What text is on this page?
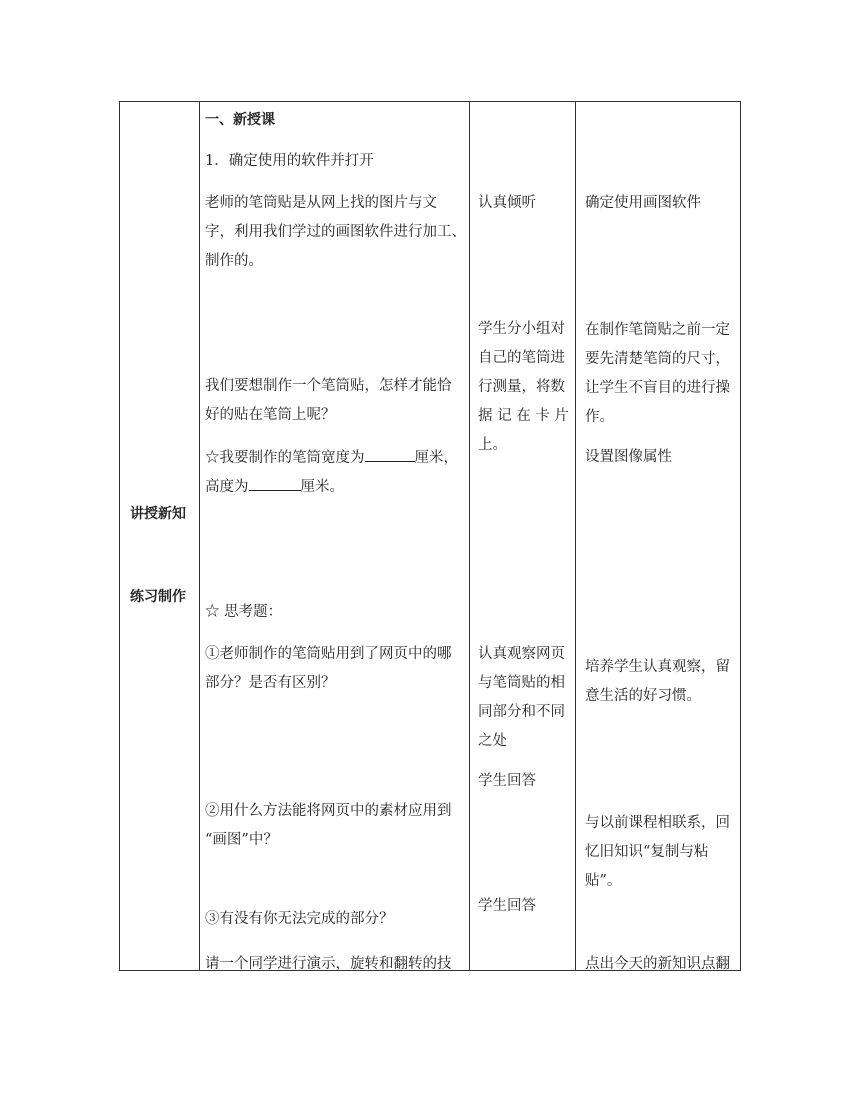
讲授新知
练习制作
一、新授课
1．确定使用的软件并打开
老师的笔筒贴是从网上找的图片与文
字，利用我们学过的画图软件进行加工、
制作的。
我们要想制作一个笔筒贴，怎样才能恰
好的贴在笔筒上呢？
☆我要制作的笔筒宽度为	厘米，
高度为	厘米。
☆ 思考题：
①老师制作的笔筒贴用到了网页中的哪
部分？是否有区别？
②用什么方法能将网页中的素材应用到
“画图”中？
③有没有你无法完成的部分？
请一个同学进行演示，旋转和翻转的技
认真倾听
学生分小组对
自己的笔筒进
行测量，将数
据 记 在 卡 片
上。
认真观察网页
与笔筒贴的相
同部分和不同
之处
学生回答
学生回答
确定使用画图软件
在制作笔筒贴之前一定
要先清楚笔筒的尺寸，
让学生不盲目的进行操
作。
设置图像属性
培养学生认真观察，留
意生活的好习惯。
与以前课程相联系，回
忆旧知识“复制与粘
贴”。
点出今天的新知识点翻
